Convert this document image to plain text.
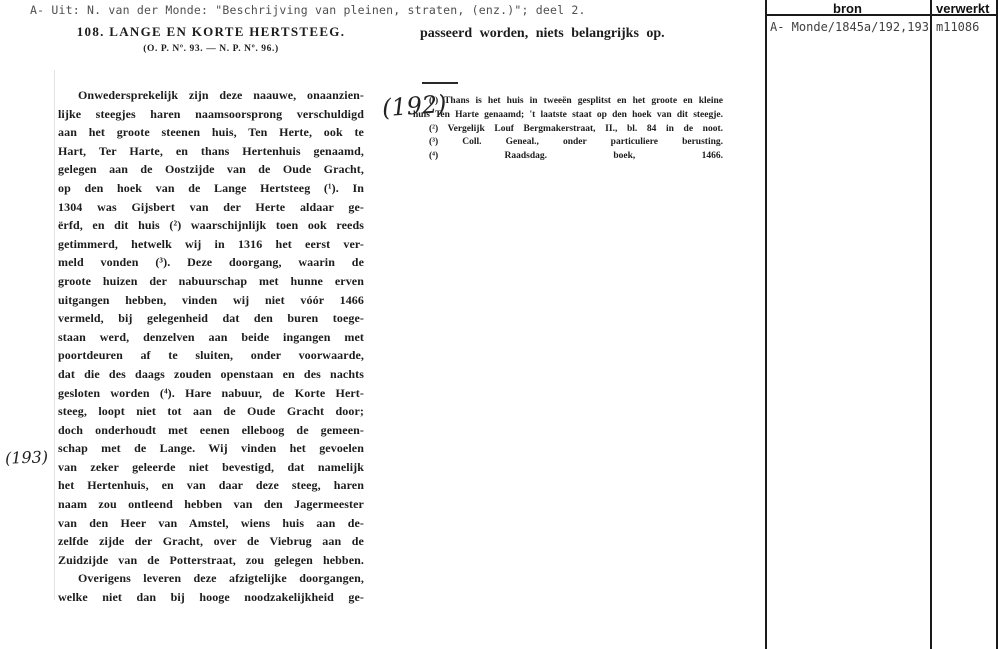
A- Uit: N. van der Monde: "Beschrijving van pleinen, straten, (enz.)"; deel 2.
108. LANGE EN KORTE HERTSTEEG.
(O. P. Nº. 93. — N. P. Nº. 96.)
passeerd worden, niets belangrijks op.
Onwedersprekelijk zijn deze naauwe, onaanzien-
lijke steegjes haren naamsoorsprong verschuldigd
aan het groote steenen huis, Ten Herte, ook te
Hart, Ter Harte, en thans Hertenhuis genaamd,
gelegen aan de Oostzijde van de Oude Gracht,
op den hoek van de Lange Hertsteeg (¹). In
1304 was Gijsbert van der Herte aldaar ge-
ërfd, en dit huis (²) waarschijnlijk toen ook reeds
getimmerd, hetwelk wij in 1316 het eerst ver-
meld vonden (³). Deze doorgang, waarin de
groote huizen der nabuurschap met hunne erven
uitgangen hebben, vinden wij niet vóór 1466
vermeld, bij gelegenheid dat den buren toege-
staan werd, denzelven aan beide ingangen met
poortdeuren af te sluiten, onder voorwaarde,
dat die des daags zouden openstaan en des nachts
gesloten worden (⁴). Hare nabuur, de Korte Hert-
steeg, loopt niet tot aan de Oude Gracht door;
doch onderhoudt met eenen elleboog de gemeen-
schap met de Lange. Wij vinden het gevoelen
van zeker geleerde niet bevestigd, dat namelijk
het Hertenhuis, en van daar deze steeg, haren
naam zou ontleend hebben van den Jagermeester
van den Heer van Amstel, wiens huis aan de-
zelfde zijde der Gracht, over de Viebrug aan de
Zuidzijde van de Potterstraat, zou gelegen hebben.
Overigens leveren deze afzigtelijke doorgangen,
welke niet dan bij hooge noodzakelijkheid ge-
(¹) Thans is het huis in tweeën gesplitst en het groote en kleine
huis Ten Harte genaamd; 't laatste staat op den hoek van dit steegje.
(²) Vergelijk Louf Bergmakerstraat, II., bl. 84 in de noot.
(³) Coll. Geneal., onder particuliere berusting.
(⁴) Raadsdag. boek, 1466.
(192)
(193)
bron	verwerkt
A- Monde/1845a/192,193 m11086
